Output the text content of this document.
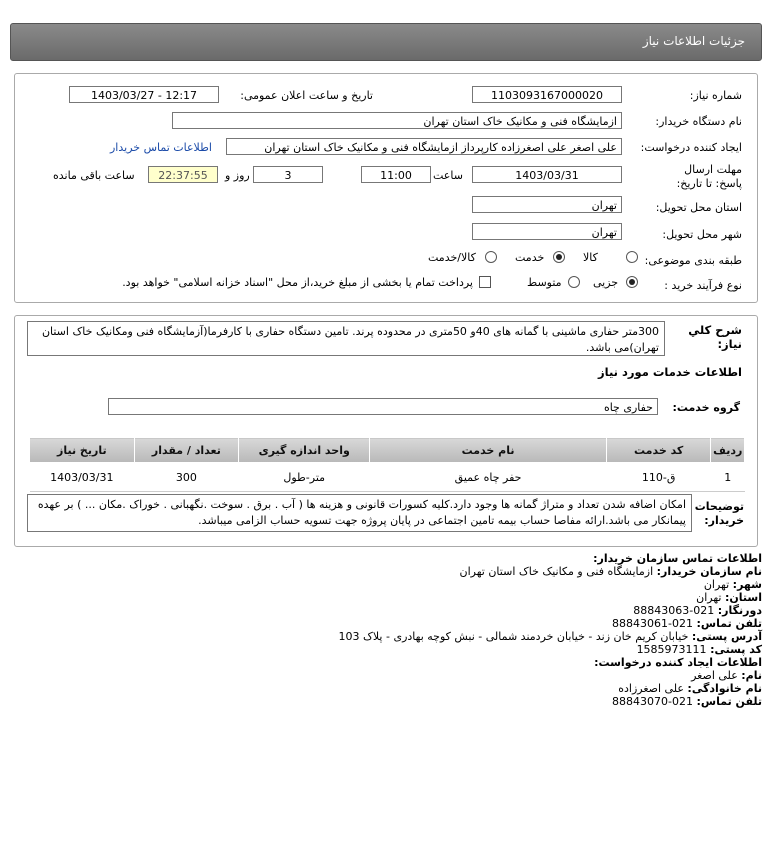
جزئیات اطلاعات نیاز
شماره نیاز:
1103093167000020
تاریخ و ساعت اعلان عمومی:
1403/03/27 - 12:17
نام دستگاه خریدار:
ازمایشگاه فنی و مکانیک خاک استان تهران
ایجاد کننده درخواست:
علی اصغر علی اصغرزاده کارپرداز ازمایشگاه فنی و مکانیک خاک استان تهران
اطلاعات تماس خریدار
مهلت ارسال پاسخ: تا تاریخ:
1403/03/31
ساعت
11:00
3
روز و
22:37:55
ساعت باقی مانده
استان محل تحویل:
تهران
شهر محل تحویل:
تهران
طبقه بندی موضوعی:
کالا
خدمت
کالا/خدمت
نوع فرآیند خرید :
جزیی
متوسط
پرداخت تمام یا بخشی از مبلغ خرید،از محل "اسناد خزانه اسلامی" خواهد بود.
شرح کلي نياز:
300متر حفاری ماشینی با گمانه های 40و 50متری در محدوده پرند. تامین دستگاه حفاری با کارفرما(آزمایشگاه فنی ومکانیک خاک استان تهران)می باشد.
اطلاعات خدمات مورد نیاز
گروه خدمت:
حفاری چاه
ردیف	کد خدمت	نام خدمت	واحد اندازه گیری	تعداد / مقدار	تاریخ نیاز
1	ق-110	حفر چاه عمیق	متر-طول	300	1403/03/31
توضیحات خریدار:
امکان اضافه شدن تعداد و متراژ گمانه ها وجود دارد.کلیه کسورات قانونی و هزینه ها ( آب . برق . سوخت .نگهبانی . خوراک .مکان ... ) بر عهده پیمانکار می باشد.ارائه مفاصا حساب بیمه تامین اجتماعی در پایان پروژه جهت تسویه حساب الزامی میباشد.
اطلاعات تماس سازمان خریدار:
نام سازمان خریدار: ازمایشگاه فنی و مکانیک خاک استان تهران
شهر: تهران
استان: تهران
دورنگار: 021-88843063
تلفن تماس: 021-88843061
آدرس پستی: خیابان کریم خان زند - خیابان خردمند شمالی - نبش کوچه بهادری - پلاک 103
کد پستی: 1585973111
اطلاعات ایجاد کننده درخواست:
نام: علی اصغر
نام خانوادگی: علی اصغرزاده
تلفن تماس: 021-88843070
